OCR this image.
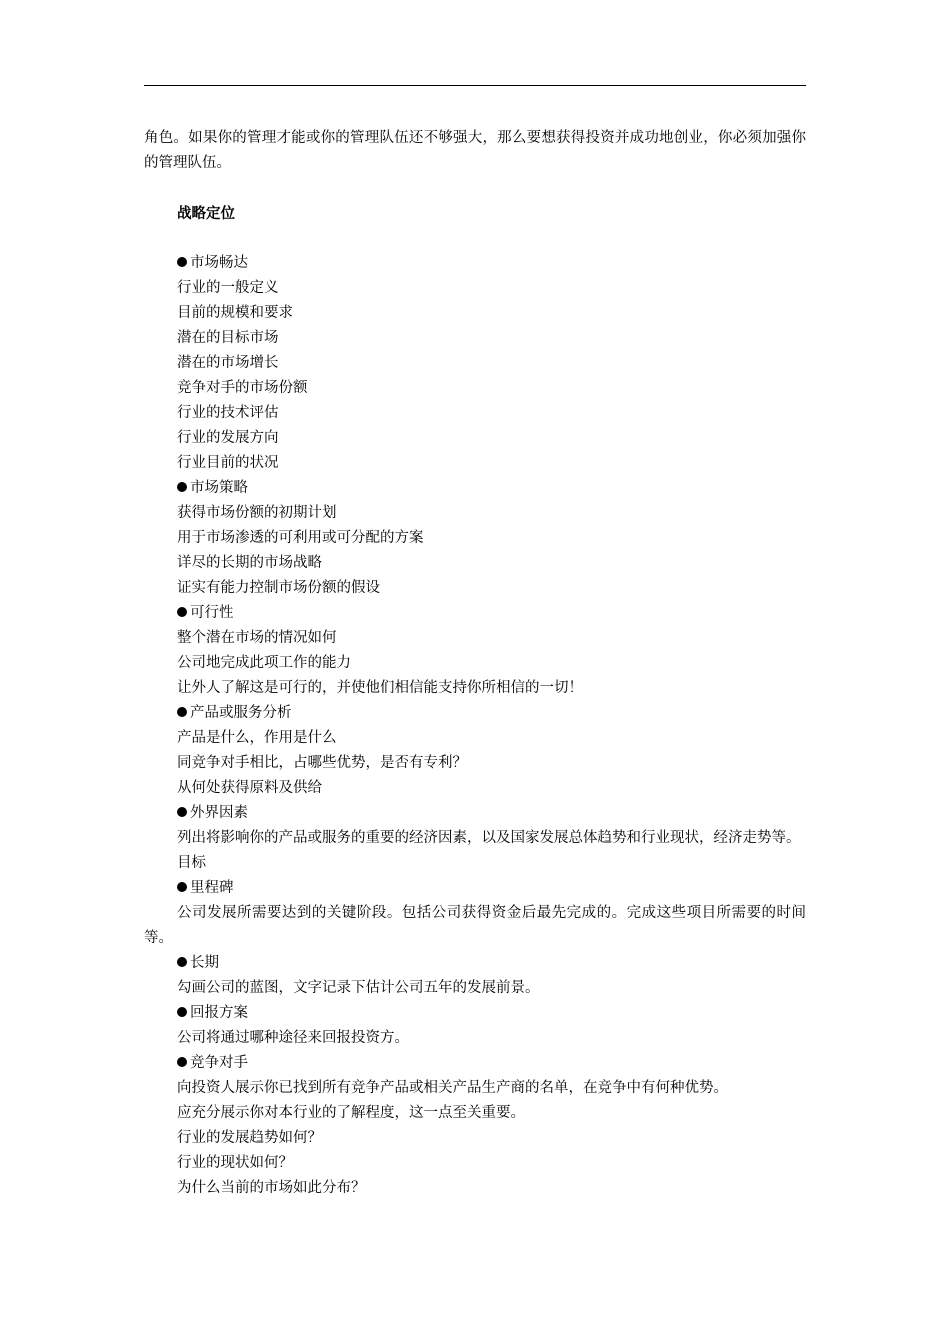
角色。如果你的管理才能或你的管理队伍还不够强大，那么要想获得投资并成功地创业，你必须加强你的管理队伍。

战略定位

市场畅达

行业的一般定义

目前的规模和要求

潜在的目标市场

潜在的市场增长

竞争对手的市场份额

行业的技术评估

行业的发展方向

行业目前的状况

市场策略

获得市场份额的初期计划

用于市场渗透的可利用或可分配的方案

详尽的长期的市场战略

证实有能力控制市场份额的假设

可行性

整个潜在市场的情况如何

公司地完成此项工作的能力

让外人了解这是可行的，并使他们相信能支持你所相信的一切！

产品或服务分析

产品是什么，作用是什么

同竞争对手相比，占哪些优势，是否有专利？

从何处获得原料及供给

外界因素

列出将影响你的产品或服务的重要的经济因素，以及国家发展总体趋势和行业现状，经济走势等。

目标

里程碑

公司发展所需要达到的关键阶段。包括公司获得资金后最先完成的。完成这些项目所需要的时间等。

长期

勾画公司的蓝图，文字记录下估计公司五年的发展前景。

回报方案

公司将通过哪种途径来回报投资方。

竞争对手

向投资人展示你已找到所有竞争产品或相关产品生产商的名单，在竞争中有何种优势。

应充分展示你对本行业的了解程度，这一点至关重要。

行业的发展趋势如何？

行业的现状如何？

为什么当前的市场如此分布？
